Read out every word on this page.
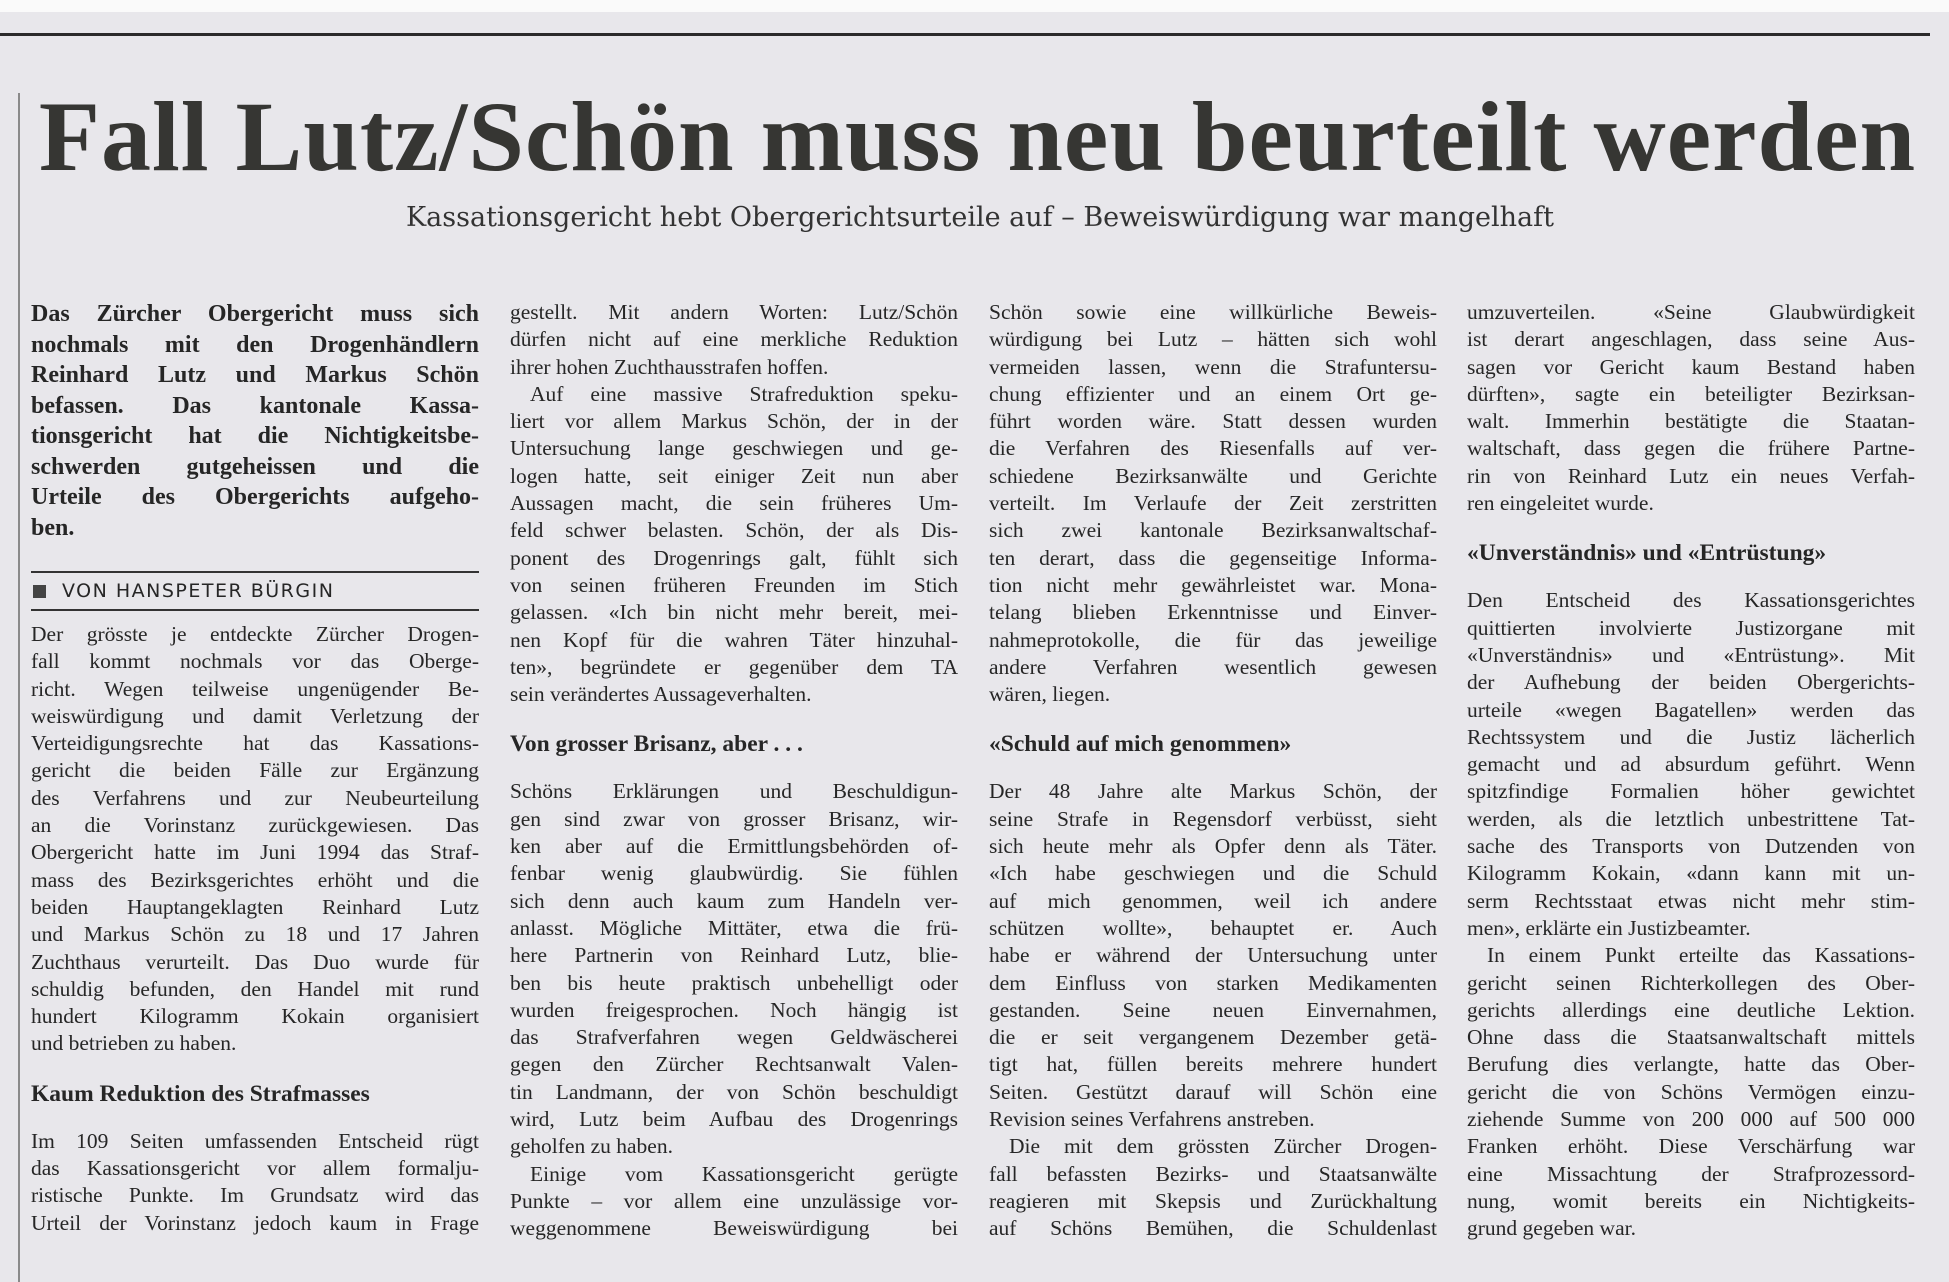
Fall Lutz/Schön muss neu beurteilt werden
Kassationsgericht hebt Obergerichtsurteile auf – Beweiswürdigung war mangelhaft
Das Zürcher Obergericht muss sich
nochmals mit den Drogenhändlern
Reinhard Lutz und Markus Schön
befassen. Das kantonale Kassa-
tionsgericht hat die Nichtigkeitsbe-
schwerden gutgeheissen und die
Urteile des Obergerichts aufgeho-
ben.
VON HANSPETER BÜRGIN
Der grösste je entdeckte Zürcher Drogen-
fall kommt nochmals vor das Oberge-
richt. Wegen teilweise ungenügender Be-
weiswürdigung und damit Verletzung der
Verteidigungsrechte hat das Kassations-
gericht die beiden Fälle zur Ergänzung
des Verfahrens und zur Neubeurteilung
an die Vorinstanz zurückgewiesen. Das
Obergericht hatte im Juni 1994 das Straf-
mass des Bezirksgerichtes erhöht und die
beiden Hauptangeklagten Reinhard Lutz
und Markus Schön zu 18 und 17 Jahren
Zuchthaus verurteilt. Das Duo wurde für
schuldig befunden, den Handel mit rund
hundert Kilogramm Kokain organisiert
und betrieben zu haben.
Kaum Reduktion des Strafmasses
Im 109 Seiten umfassenden Entscheid rügt
das Kassationsgericht vor allem formalju-
ristische Punkte. Im Grundsatz wird das
Urteil der Vorinstanz jedoch kaum in Frage
gestellt. Mit andern Worten: Lutz/Schön
dürfen nicht auf eine merkliche Reduktion
ihrer hohen Zuchthausstrafen hoffen.
Auf eine massive Strafreduktion speku-
liert vor allem Markus Schön, der in der
Untersuchung lange geschwiegen und ge-
logen hatte, seit einiger Zeit nun aber
Aussagen macht, die sein früheres Um-
feld schwer belasten. Schön, der als Dis-
ponent des Drogenrings galt, fühlt sich
von seinen früheren Freunden im Stich
gelassen. «Ich bin nicht mehr bereit, mei-
nen Kopf für die wahren Täter hinzuhal-
ten», begründete er gegenüber dem TA
sein verändertes Aussageverhalten.
Von grosser Brisanz, aber . . .
Schöns Erklärungen und Beschuldigun-
gen sind zwar von grosser Brisanz, wir-
ken aber auf die Ermittlungsbehörden of-
fenbar wenig glaubwürdig. Sie fühlen
sich denn auch kaum zum Handeln ver-
anlasst. Mögliche Mittäter, etwa die frü-
here Partnerin von Reinhard Lutz, blie-
ben bis heute praktisch unbehelligt oder
wurden freigesprochen. Noch hängig ist
das Strafverfahren wegen Geldwäscherei
gegen den Zürcher Rechtsanwalt Valen-
tin Landmann, der von Schön beschuldigt
wird, Lutz beim Aufbau des Drogenrings
geholfen zu haben.
Einige vom Kassationsgericht gerügte
Punkte – vor allem eine unzulässige vor-
weggenommene Beweiswürdigung bei
Schön sowie eine willkürliche Beweis-
würdigung bei Lutz – hätten sich wohl
vermeiden lassen, wenn die Strafuntersu-
chung effizienter und an einem Ort ge-
führt worden wäre. Statt dessen wurden
die Verfahren des Riesenfalls auf ver-
schiedene Bezirksanwälte und Gerichte
verteilt. Im Verlaufe der Zeit zerstritten
sich zwei kantonale Bezirksanwaltschaf-
ten derart, dass die gegenseitige Informa-
tion nicht mehr gewährleistet war. Mona-
telang blieben Erkenntnisse und Einver-
nahmeprotokolle, die für das jeweilige
andere Verfahren wesentlich gewesen
wären, liegen.
«Schuld auf mich genommen»
Der 48 Jahre alte Markus Schön, der
seine Strafe in Regensdorf verbüsst, sieht
sich heute mehr als Opfer denn als Täter.
«Ich habe geschwiegen und die Schuld
auf mich genommen, weil ich andere
schützen wollte», behauptet er. Auch
habe er während der Untersuchung unter
dem Einfluss von starken Medikamenten
gestanden. Seine neuen Einvernahmen,
die er seit vergangenem Dezember getä-
tigt hat, füllen bereits mehrere hundert
Seiten. Gestützt darauf will Schön eine
Revision seines Verfahrens anstreben.
Die mit dem grössten Zürcher Drogen-
fall befassten Bezirks- und Staatsanwälte
reagieren mit Skepsis und Zurückhaltung
auf Schöns Bemühen, die Schuldenlast
umzuverteilen. «Seine Glaubwürdigkeit
ist derart angeschlagen, dass seine Aus-
sagen vor Gericht kaum Bestand haben
dürften», sagte ein beteiligter Bezirksan-
walt. Immerhin bestätigte die Staatan-
waltschaft, dass gegen die frühere Partne-
rin von Reinhard Lutz ein neues Verfah-
ren eingeleitet wurde.
«Unverständnis» und «Entrüstung»
Den Entscheid des Kassationsgerichtes
quittierten involvierte Justizorgane mit
«Unverständnis» und «Entrüstung». Mit
der Aufhebung der beiden Obergerichts-
urteile «wegen Bagatellen» werden das
Rechtssystem und die Justiz lächerlich
gemacht und ad absurdum geführt. Wenn
spitzfindige Formalien höher gewichtet
werden, als die letztlich unbestrittene Tat-
sache des Transports von Dutzenden von
Kilogramm Kokain, «dann kann mit un-
serm Rechtsstaat etwas nicht mehr stim-
men», erklärte ein Justizbeamter.
In einem Punkt erteilte das Kassations-
gericht seinen Richterkollegen des Ober-
gerichts allerdings eine deutliche Lektion.
Ohne dass die Staatsanwaltschaft mittels
Berufung dies verlangte, hatte das Ober-
gericht die von Schöns Vermögen einzu-
ziehende Summe von 200 000 auf 500 000
Franken erhöht. Diese Verschärfung war
eine Missachtung der Strafprozessord-
nung, womit bereits ein Nichtigkeits-
grund gegeben war.
